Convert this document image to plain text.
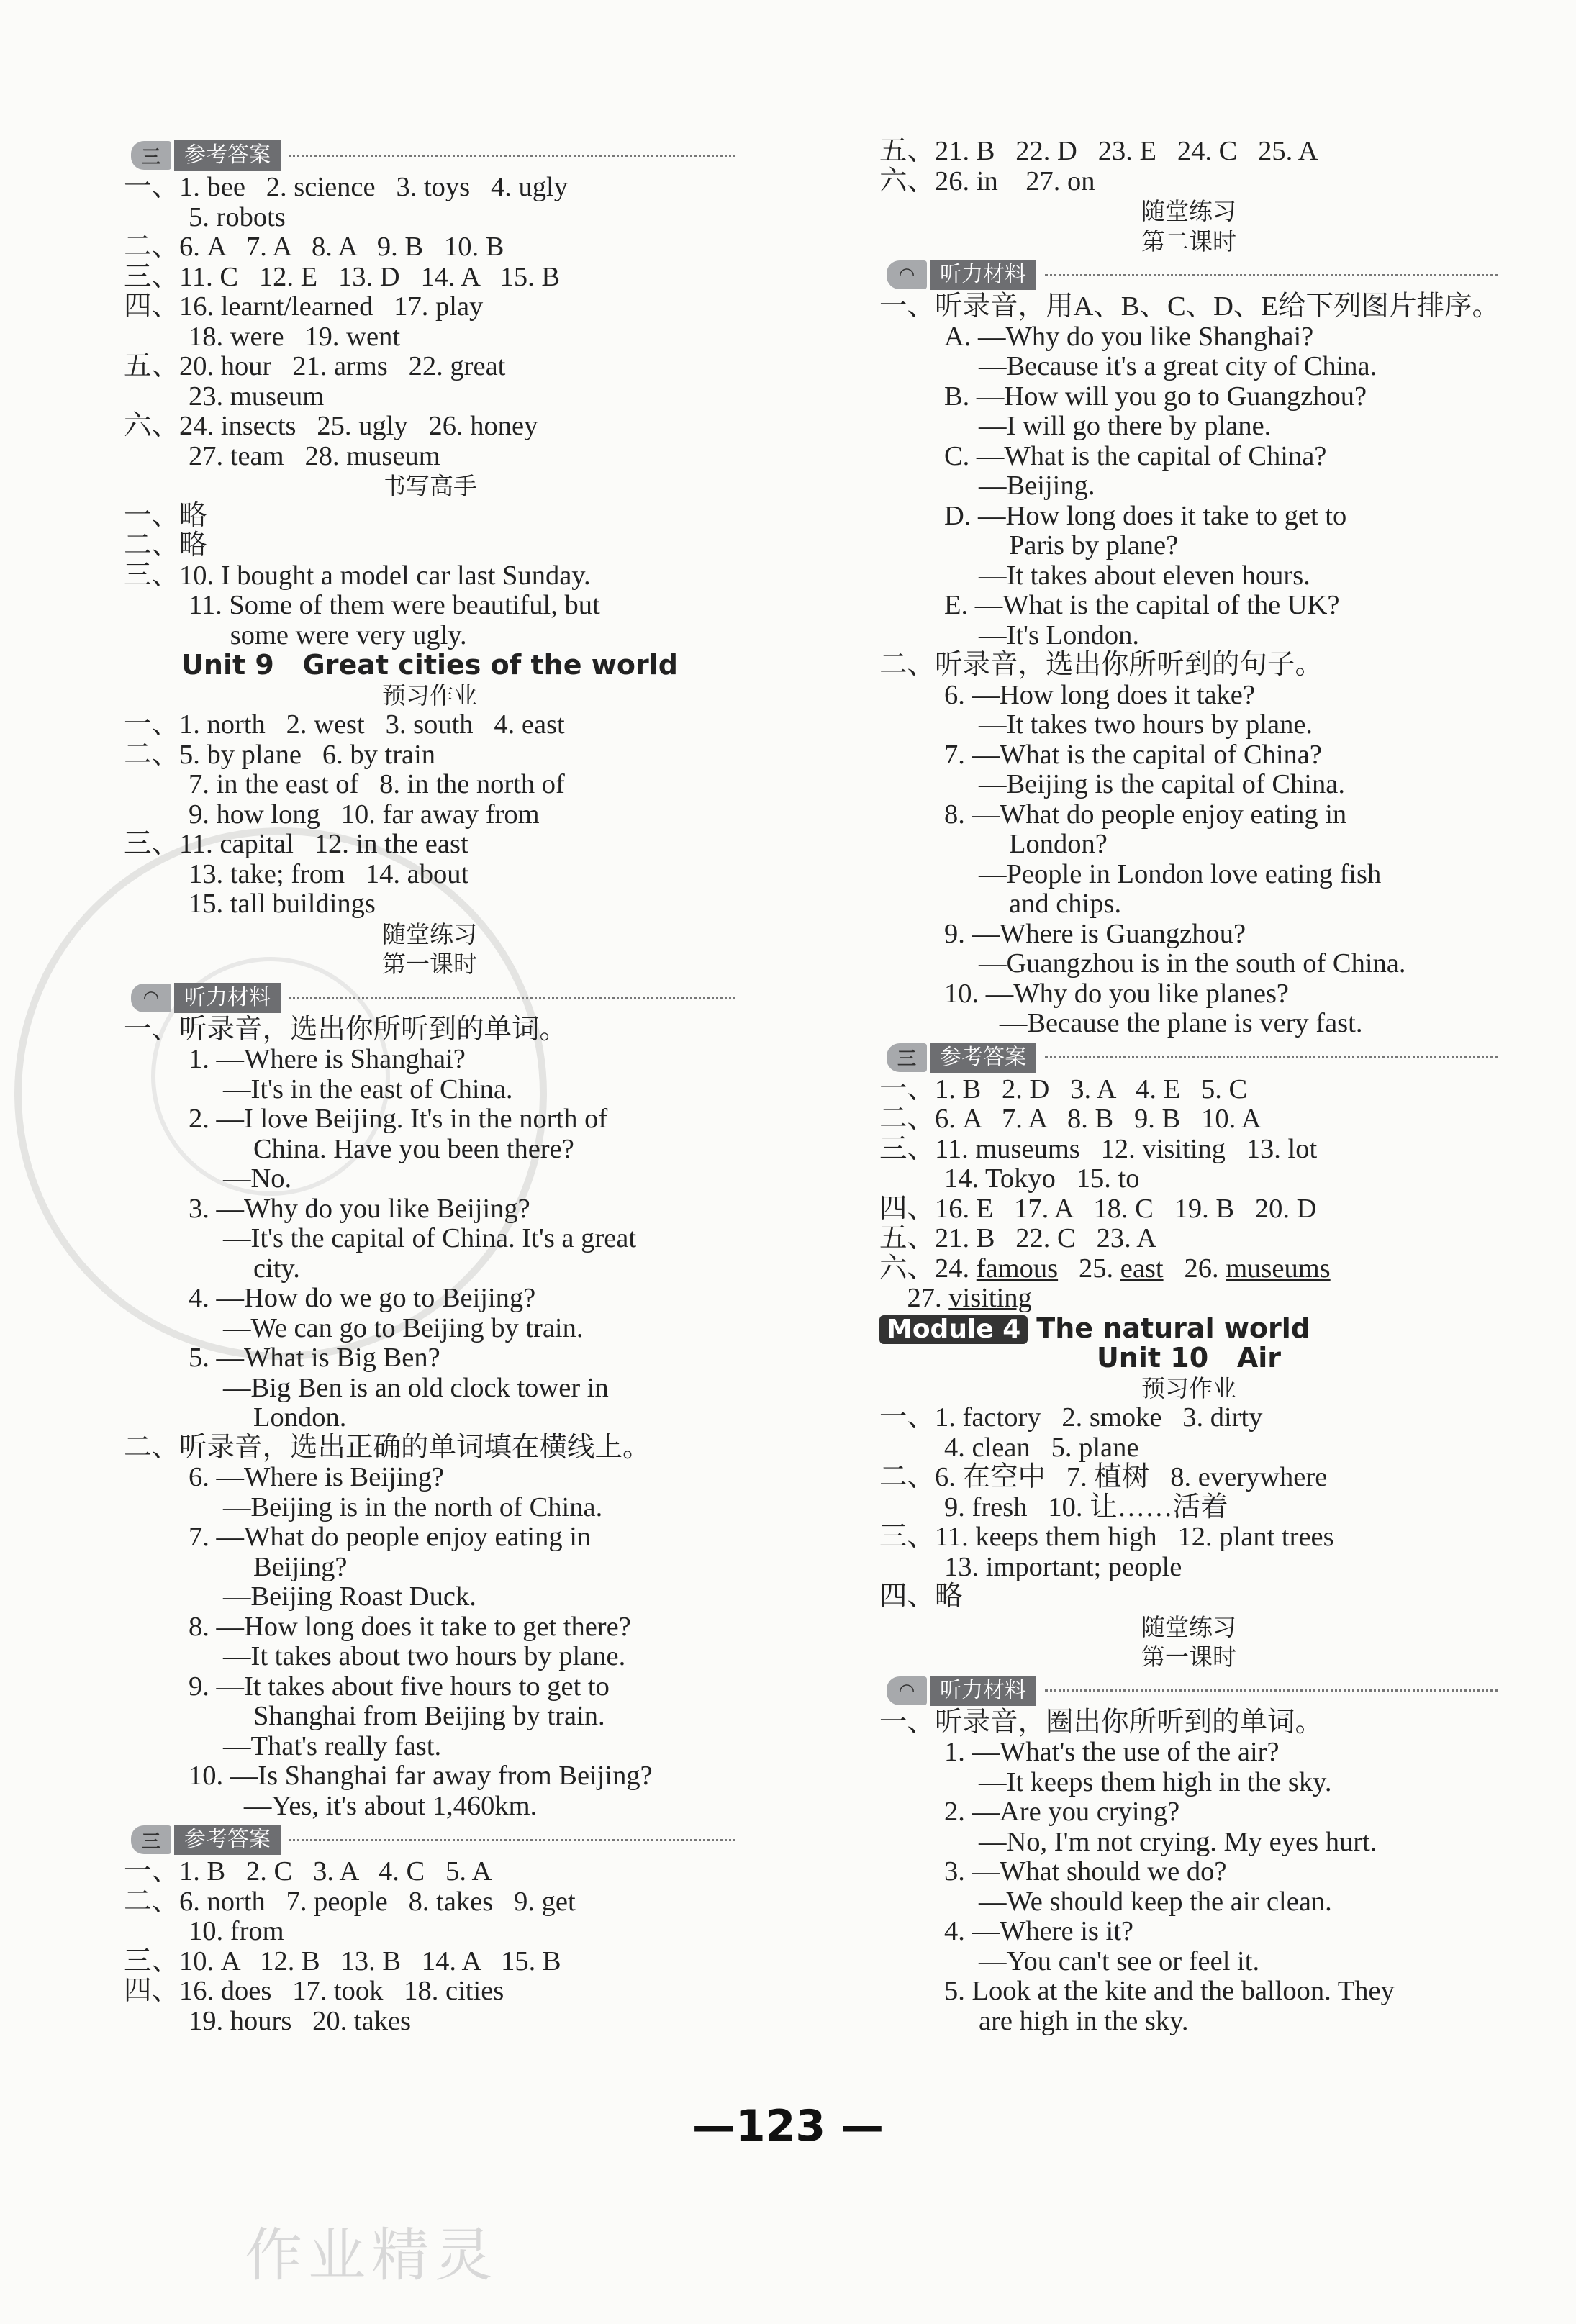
三	参考答案
一、1. bee   2. science   3. toys   4. ugly
5. robots
二、6. A   7. A   8. A   9. B   10. B
三、11. C   12. E   13. D   14. A   15. B
四、16. learnt/learned   17. play
18. were   19. went
五、20. hour   21. arms   22. great
23. museum
六、24. insects   25. ugly   26. honey
27. team   28. museum
书写高手
一、略
二、略
三、10. I bought a model car last Sunday.
11. Some of them were beautiful, but
some were very ugly.
Unit 9   Great cities of the world
预习作业
一、1. north   2. west   3. south   4. east
二、5. by plane   6. by train
7. in the east of   8. in the north of
9. how long   10. far away from
三、11. capital   12. in the east
13. take; from   14. about
15. tall buildings
随堂练习
第一课时
◠	听力材料
一、听录音，选出你所听到的单词。
1. —Where is Shanghai?
—It's in the east of China.
2. —I love Beijing. It's in the north of
China. Have you been there?
—No.
3. —Why do you like Beijing?
—It's the capital of China. It's a great
city.
4. —How do we go to Beijing?
—We can go to Beijing by train.
5. —What is Big Ben?
—Big Ben is an old clock tower in
London.
二、听录音，选出正确的单词填在横线上。
6. —Where is Beijing?
—Beijing is in the north of China.
7. —What do people enjoy eating in
Beijing?
—Beijing Roast Duck.
8. —How long does it take to get there?
—It takes about two hours by plane.
9. —It takes about five hours to get to
Shanghai from Beijing by train.
—That's really fast.
10. —Is Shanghai far away from Beijing?
—Yes, it's about 1,460km.
三	参考答案
一、1. B   2. C   3. A   4. C   5. A
二、6. north   7. people   8. takes   9. get
10. from
三、10. A   12. B   13. B   14. A   15. B
四、16. does   17. took   18. cities
19. hours   20. takes
五、21. B   22. D   23. E   24. C   25. A
六、26. in    27. on
随堂练习
第二课时
◠	听力材料
一、听录音，用A、B、C、D、E给下列图片排序。
A. —Why do you like Shanghai?
—Because it's a great city of China.
B. —How will you go to Guangzhou?
—I will go there by plane.
C. —What is the capital of China?
—Beijing.
D. —How long does it take to get to
Paris by plane?
—It takes about eleven hours.
E. —What is the capital of the UK?
—It's London.
二、听录音，选出你所听到的句子。
6. —How long does it take?
—It takes two hours by plane.
7. —What is the capital of China?
—Beijing is the capital of China.
8. —What do people enjoy eating in
London?
—People in London love eating fish
and chips.
9. —Where is Guangzhou?
—Guangzhou is in the south of China.
10. —Why do you like planes?
—Because the plane is very fast.
三	参考答案
一、1. B   2. D   3. A   4. E   5. C
二、6. A   7. A   8. B   9. B   10. A
三、11. museums   12. visiting   13. lot
14. Tokyo   15. to
四、16. E   17. A   18. C   19. B   20. D
五、21. B   22. C   23. A
六、24. famous   25. east   26. museums
27. visiting
Module 4 The natural world
Unit 10   Air
预习作业
一、1. factory   2. smoke   3. dirty
4. clean   5. plane
二、6. 在空中   7. 植树   8. everywhere
9. fresh   10. 让……活着
三、11. keeps them high   12. plant trees
13. important; people
四、略
随堂练习
第一课时
◠	听力材料
一、听录音，圈出你所听到的单词。
1. —What's the use of the air?
—It keeps them high in the sky.
2. —Are you crying?
—No, I'm not crying. My eyes hurt.
3. —What should we do?
—We should keep the air clean.
4. —Where is it?
—You can't see or feel it.
5. Look at the kite and the balloon. They
are high in the sky.
—123 —
作业精灵
